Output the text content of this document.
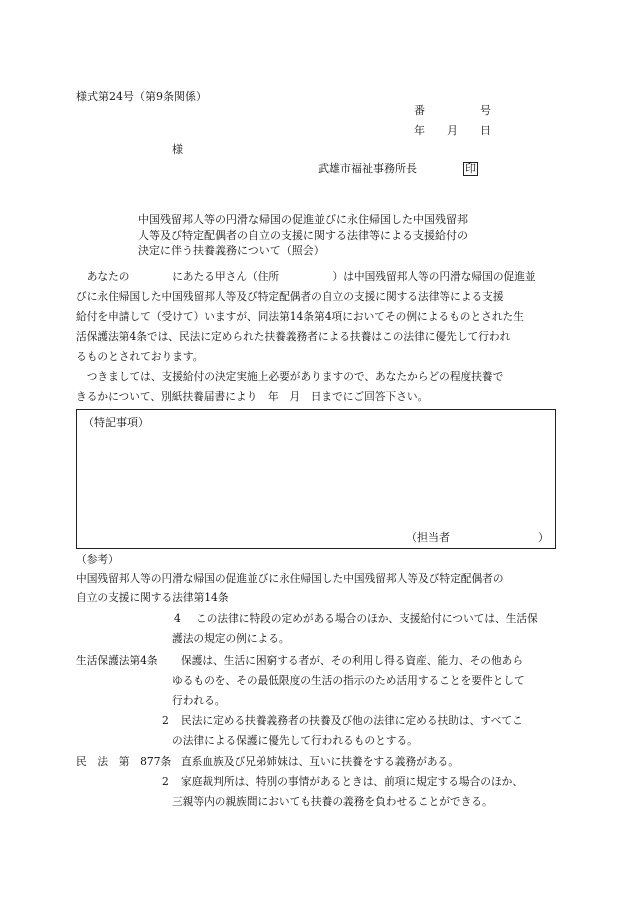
様式第24号（第9条関係）
番　　　　　号
年　　月　　日
様
武雄市福祉事務所長	印
中国残留邦人等の円滑な帰国の促進並びに永住帰国した中国残留邦
人等及び特定配偶者の自立の支援に関する法律等による支援給付の
決定に伴う扶養義務について（照会）
　あなたの　　　　にあたる甲さん（住所　　　　　）は中国残留邦人等の円滑な帰国の促進並
びに永住帰国した中国残留邦人等及び特定配偶者の自立の支援に関する法律等による支援
給付を申請して（受けて）いますが、同法第14条第4項においてその例によるものとされた生
活保護法第4条では、民法に定められた扶養義務者による扶養はこの法律に優先して行われ
るものとされております。
　つきましては、支援給付の決定実施上必要がありますので、あなたからどの程度扶養で
きるかについて、別紙扶養届書により　年　月　日までにご回答下さい。
（特記事項）
（担当者　　　　　　　　）
（参考）
中国残留邦人等の円滑な帰国の促進並びに永住帰国した中国残留邦人等及び特定配偶者の
自立の支援に関する法律第14条
4 この法律に特段の定めがある場合のほか、支援給付については、生活保
護法の規定の例による。
生活保護法第4条 保護は、生活に困窮する者が、その利用し得る資産、能力、その他あら
ゆるものを、その最低限度の生活の指示のため活用することを要件として
行われる。
2 民法に定める扶養義務者の扶養及び他の法律に定める扶助は、すべてこ
の法律による保護に優先して行われるものとする。
民　法　第　877条 直系血族及び兄弟姉妹は、互いに扶養をする義務がある。
2 家庭裁判所は、特別の事情があるときは、前項に規定する場合のほか、
三親等内の親族間においても扶養の義務を負わせることができる。
